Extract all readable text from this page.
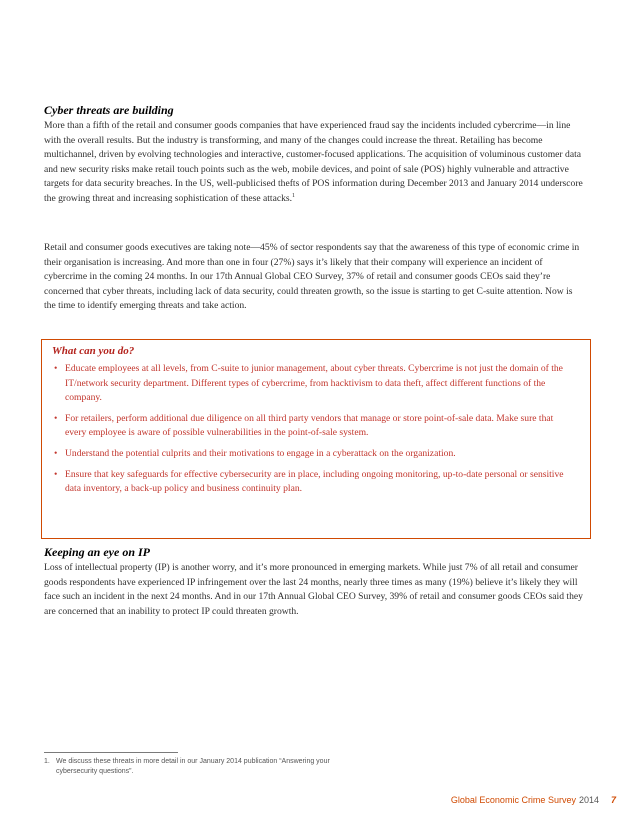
Cyber threats are building

More than a fifth of the retail and consumer goods companies that have experienced fraud say the incidents included cybercrime—in line with the overall results. But the industry is transforming, and many of the changes could increase the threat. Retailing has become multichannel, driven by evolving technologies and interactive, customer-focused applications. The acquisition of voluminous customer data and new security risks make retail touch points such as the web, mobile devices, and point of sale (POS) highly vulnerable and attractive targets for data security breaches. In the US, well-publicised thefts of POS information during December 2013 and January 2014 underscore the growing threat and increasing sophistication of these attacks.$^1$

Retail and consumer goods executives are taking note—45% of sector respondents say that the awareness of this type of economic crime in their organisation is increasing. And more than one in four (27%) says it’s likely that their company will experience an incident of cybercrime in the coming 24 months. In our 17th Annual Global CEO Survey, 37% of retail and consumer goods CEOs said they’re concerned that cyber threats, including lack of data security, could threaten growth, so the issue is starting to get C-suite attention. Now is the time to identify emerging threats and take action.

What can you do?
• Educate employees at all levels, from C-suite to junior management, about cyber threats. Cybercrime is not just the domain of the IT/network security department. Different types of cybercrime, from hacktivism to data theft, affect different functions of the company.
• For retailers, perform additional due diligence on all third party vendors that manage or store point-of-sale data. Make sure that every employee is aware of possible vulnerabilities in the point-of-sale system.
• Understand the potential culprits and their motivations to engage in a cyberattack on the organization.
• Ensure that key safeguards for effective cybersecurity are in place, including ongoing monitoring, up-to-date personal or sensitive data inventory, a back-up policy and business continuity plan.
Keeping an eye on IP

Loss of intellectual property (IP) is another worry, and it’s more pronounced in emerging markets. While just 7% of all retail and consumer goods respondents have experienced IP infringement over the last 24 months, nearly three times as many (19%) believe it’s likely they will face such an incident in the next 24 months. And in our 17th Annual Global CEO Survey, 39% of retail and consumer goods CEOs said they are concerned that an inability to protect IP could threaten growth.

1. We discuss these threats in more detail in our January 2014 publication “Answering your cybersecurity questions”.

Global Economic Crime Survey 2014 7
